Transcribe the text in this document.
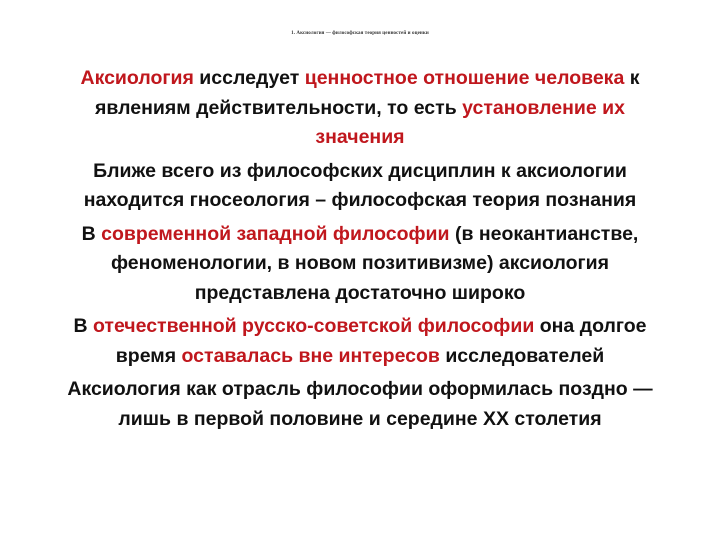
1. Аксиология — философская теория ценностей и оценки
Аксиология исследует ценностное отношение человека к
явлениям действительности, то есть установление их
значения
Ближе всего из философских дисциплин к аксиологии
находится гносеология – философская теория познания
В современной западной философии (в неокантианстве,
феноменологии, в новом позитивизме) аксиология
представлена достаточно широко
В отечественной русско-советской философии она долгое
время оставалась вне интересов исследователей
Аксиология как отрасль философии оформилась поздно —
лишь в первой половине и середине XX столетия
